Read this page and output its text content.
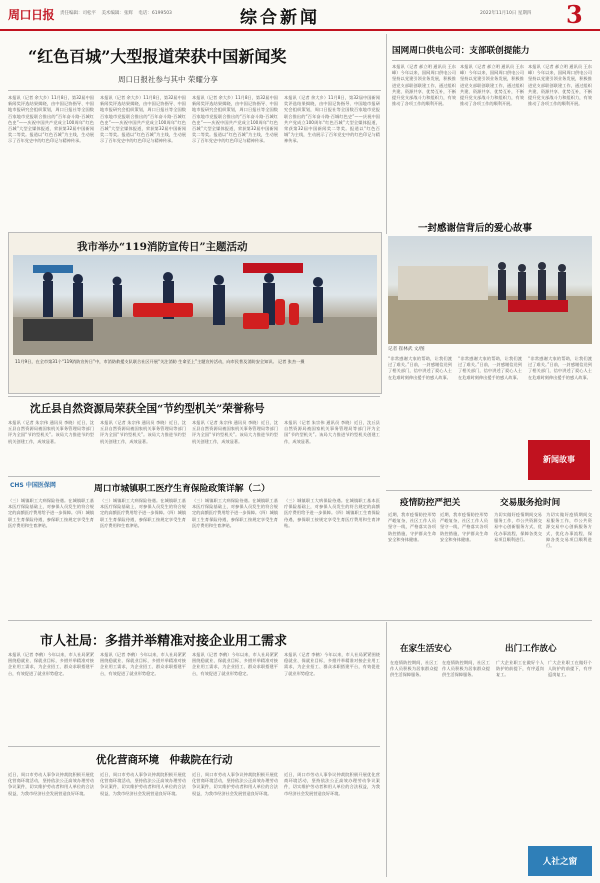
周口日报 责任编辑：司松平 美术编辑：张辉 电话：6199503	综合新闻	2022年11月10日 星期四 3
“红色百城”大型报道荣获中国新闻奖
周口日报社参与其中 荣耀分享
本报讯（记者 余大乡）11月8日，第32届中国新闻奖评选结果揭晓，由中国记协指导、中国地市报研究会组织策划，周口日报社等全国数百家地市党报联合推出的“百年奋斗路·百城红色史”——庆祝中国共产党成立100周年“红色百城”大型全媒体报道，荣获第32届中国新闻奖二等奖。报道以“红色百城”为主线，生动展示了百年党史中的红色印记与精神传承。
本报讯（记者 余大乡）11月8日，第32届中国新闻奖评选结果揭晓，由中国记协指导、中国地市报研究会组织策划，周口日报社等全国数百家地市党报联合推出的“百年奋斗路·百城红色史”——庆祝中国共产党成立100周年“红色百城”大型全媒体报道，荣获第32届中国新闻奖二等奖。报道以“红色百城”为主线，生动展示了百年党史中的红色印记与精神传承。
本报讯（记者 余大乡）11月8日，第32届中国新闻奖评选结果揭晓，由中国记协指导、中国地市报研究会组织策划，周口日报社等全国数百家地市党报联合推出的“百年奋斗路·百城红色史”——庆祝中国共产党成立100周年“红色百城”大型全媒体报道，荣获第32届中国新闻奖二等奖。报道以“红色百城”为主线，生动展示了百年党史中的红色印记与精神传承。
本报讯（记者 余大乡）11月8日，第32届中国新闻奖评选结果揭晓，由中国记协指导、中国地市报研究会组织策划，周口日报社等全国数百家地市党报联合推出的“百年奋斗路·百城红色史”——庆祝中国共产党成立100周年“红色百城”大型全媒体报道，荣获第32届中国新闻奖二等奖。报道以“红色百城”为主线，生动展示了百年党史中的红色印记与精神传承。
国网周口供电公司：支部联创提能力
本报讯（记者 郝立明 通讯员 王东峰）今年以来，国网周口供电公司坚持以党建引领业务发展，积极推进党支部联创联建工作，通过组织共建、资源共享、优势互补，不断提升党支部战斗力和组织力，有效推动了各项工作的顺利开展。
本报讯（记者 郝立明 通讯员 王东峰）今年以来，国网周口供电公司坚持以党建引领业务发展，积极推进党支部联创联建工作，通过组织共建、资源共享、优势互补，不断提升党支部战斗力和组织力，有效推动了各项工作的顺利开展。
本报讯（记者 郝立明 通讯员 王东峰）今年以来，国网周口供电公司坚持以党建引领业务发展，积极推进党支部联创联建工作，通过组织共建、资源共享、优势互补，不断提升党支部战斗力和组织力，有效推动了各项工作的顺利开展。
我市举办“119消防宣传日”主题活动
11月9日，在全市第31个“119消防宣传日”中，市消防救援支队联合社区开展“关注消防 生命至上”主题宣传活动，向市民普及消防安全知识。 记者 张杰一摄
一封感谢信背后的爱心故事
记者 崔林武 文/图
“非常感谢大家的帮助，让我们渡过了难关。”日前，一封感谢信送到了相关部门，信中讲述了爱心人士在危难时刻伸出援手的感人故事。
“非常感谢大家的帮助，让我们渡过了难关。”日前，一封感谢信送到了相关部门，信中讲述了爱心人士在危难时刻伸出援手的感人故事。
“非常感谢大家的帮助，让我们渡过了难关。”日前，一封感谢信送到了相关部门，信中讲述了爱心人士在危难时刻伸出援手的感人故事。
新闻故事
沈丘县自然资源局荣获全国“节约型机关”荣誉称号
本报讯（记者 朱宗伟 通讯员 李晓）近日，沈丘县自然资源局被国家机关事务管理局等部门评为全国“节约型机关”。该局大力推进节约型机关创建工作，成效显著。
本报讯（记者 朱宗伟 通讯员 李晓）近日，沈丘县自然资源局被国家机关事务管理局等部门评为全国“节约型机关”。该局大力推进节约型机关创建工作，成效显著。
本报讯（记者 朱宗伟 通讯员 李晓）近日，沈丘县自然资源局被国家机关事务管理局等部门评为全国“节约型机关”。该局大力推进节约型机关创建工作，成效显著。
本报讯（记者 朱宗伟 通讯员 李晓）近日，沈丘县自然资源局被国家机关事务管理局等部门评为全国“节约型机关”。该局大力推进节约型机关创建工作，成效显著。
CHS 中国医保网	周口市城镇职工医疗生育保险政策详解（二）
（三）城镇职工大病保险待遇。在城镇职工基本医疗保险基础上，对参保人员发生的符合规定的高额医疗费用给予进一步保障。（四）城镇职工生育保险待遇，参保职工按规定享受生育医疗费用和生育津贴。
（三）城镇职工大病保险待遇。在城镇职工基本医疗保险基础上，对参保人员发生的符合规定的高额医疗费用给予进一步保障。（四）城镇职工生育保险待遇，参保职工按规定享受生育医疗费用和生育津贴。
（三）城镇职工大病保险待遇。在城镇职工基本医疗保险基础上，对参保人员发生的符合规定的高额医疗费用给予进一步保障。（四）城镇职工生育保险待遇，参保职工按规定享受生育医疗费用和生育津贴。
（三）城镇职工大病保险待遇。在城镇职工基本医疗保险基础上，对参保人员发生的符合规定的高额医疗费用给予进一步保障。（四）城镇职工生育保险待遇，参保职工按规定享受生育医疗费用和生育津贴。
疫情防控严把关	交易服务抢时间
近期，我市疫情防控形势严峻复杂，社区工作人员坚守一线，严格落实各项防控措施，守护群众生命安全和身体健康。
近期，我市疫情防控形势严峻复杂，社区工作人员坚守一线，严格落实各项防控措施，守护群众生命安全和身体健康。
为切实做好疫情期间交易服务工作，市公共资源交易中心创新服务方式，优化办事流程，保障各类交易项目顺利进行。
为切实做好疫情期间交易服务工作，市公共资源交易中心创新服务方式，优化办事流程，保障各类交易项目顺利进行。
市人社局：多措并举精准对接企业用工需求
本报讯（记者 李鹤）今年以来，市人社局紧紧围绕稳就业、保就业目标，多措并举精准对接企业用工需求，为企业招工、群众求职搭建平台，有效促进了就业形势稳定。
本报讯（记者 李鹤）今年以来，市人社局紧紧围绕稳就业、保就业目标，多措并举精准对接企业用工需求，为企业招工、群众求职搭建平台，有效促进了就业形势稳定。
本报讯（记者 李鹤）今年以来，市人社局紧紧围绕稳就业、保就业目标，多措并举精准对接企业用工需求，为企业招工、群众求职搭建平台，有效促进了就业形势稳定。
本报讯（记者 李鹤）今年以来，市人社局紧紧围绕稳就业、保就业目标，多措并举精准对接企业用工需求，为企业招工、群众求职搭建平台，有效促进了就业形势稳定。
在家生活安心	出门工作放心
在疫情防控期间，社区工作人员积极为居家群众提供生活保障服务。
在疫情防控期间，社区工作人员积极为居家群众提供生活保障服务。
广大企业职工在做好个人防护的前提下，有序返岗复工。
广大企业职工在做好个人防护的前提下，有序返岗复工。
优化营商环境　仲裁院在行动
近日，周口市劳动人事争议仲裁院积极开展优化营商环境活动，坚持依法公正高效办理劳动争议案件，切实维护劳动者和用人单位的合法权益，为我市经济社会发展营造良好环境。
近日，周口市劳动人事争议仲裁院积极开展优化营商环境活动，坚持依法公正高效办理劳动争议案件，切实维护劳动者和用人单位的合法权益，为我市经济社会发展营造良好环境。
近日，周口市劳动人事争议仲裁院积极开展优化营商环境活动，坚持依法公正高效办理劳动争议案件，切实维护劳动者和用人单位的合法权益，为我市经济社会发展营造良好环境。
近日，周口市劳动人事争议仲裁院积极开展优化营商环境活动，坚持依法公正高效办理劳动争议案件，切实维护劳动者和用人单位的合法权益，为我市经济社会发展营造良好环境。
人社之窗
